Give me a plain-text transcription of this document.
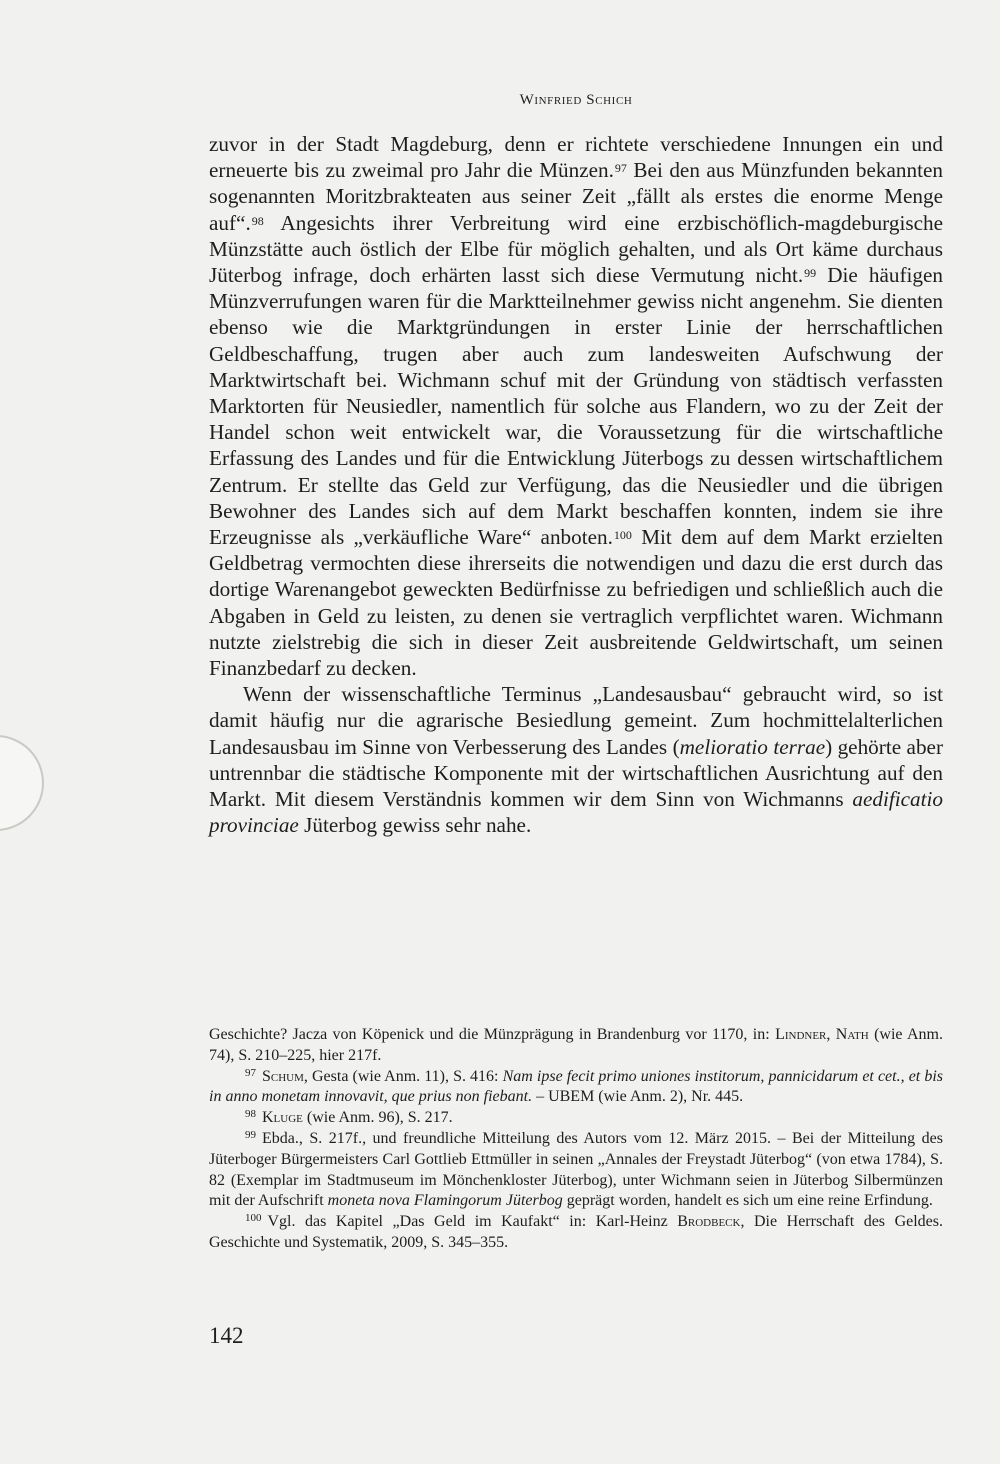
Winfried Schich

zuvor in der Stadt Magdeburg, denn er richtete verschiedene Innungen ein und erneuerte bis zu zweimal pro Jahr die Münzen.$^{97}$ Bei den aus Münzfunden bekannten sogenannten Moritzbrakteaten aus seiner Zeit „fällt als erstes die enorme Menge auf“.$^{98}$ Angesichts ihrer Verbreitung wird eine erzbischöflich-magdeburgische Münzstätte auch östlich der Elbe für möglich gehalten, und als Ort käme durchaus Jüterbog infrage, doch erhärten lasst sich diese Vermutung nicht.$^{99}$ Die häufigen Münzverrufungen waren für die Marktteilnehmer gewiss nicht angenehm. Sie dienten ebenso wie die Marktgründungen in erster Linie der herrschaftlichen Geldbeschaffung, trugen aber auch zum landesweiten Aufschwung der Marktwirtschaft bei. Wichmann schuf mit der Gründung von städtisch verfassten Marktorten für Neusiedler, namentlich für solche aus Flandern, wo zu der Zeit der Handel schon weit entwickelt war, die Voraussetzung für die wirtschaftliche Erfassung des Landes und für die Entwicklung Jüterbogs zu dessen wirtschaftlichem Zentrum. Er stellte das Geld zur Verfügung, das die Neusiedler und die übrigen Bewohner des Landes sich auf dem Markt beschaffen konnten, indem sie ihre Erzeugnisse als „verkäufliche Ware“ anboten.$^{100}$ Mit dem auf dem Markt erzielten Geldbetrag vermochten diese ihrerseits die notwendigen und dazu die erst durch das dortige Warenangebot geweckten Bedürfnisse zu befriedigen und schließlich auch die Abgaben in Geld zu leisten, zu denen sie vertraglich verpflichtet waren. Wichmann nutzte zielstrebig die sich in dieser Zeit ausbreitende Geldwirtschaft, um seinen Finanzbedarf zu decken.

Wenn der wissenschaftliche Terminus „Landesausbau“ gebraucht wird, so ist damit häufig nur die agrarische Besiedlung gemeint. Zum hochmittelalterlichen Landesausbau im Sinne von Verbesserung des Landes (melioratio terrae) gehörte aber untrennbar die städtische Komponente mit der wirtschaftlichen Ausrichtung auf den Markt. Mit diesem Verständnis kommen wir dem Sinn von Wichmanns aedificatio provinciae Jüterbog gewiss sehr nahe.

Geschichte? Jacza von Köpenick und die Münzprägung in Brandenburg vor 1170, in: Lindner, Nath (wie Anm. 74), S. 210–225, hier 217f.

$^{97}$ Schum, Gesta (wie Anm. 11), S. 416: Nam ipse fecit primo uniones institorum, pannicidarum et cet., et bis in anno monetam innovavit, que prius non fiebant. – UBEM (wie Anm. 2), Nr. 445.

$^{98}$ Kluge (wie Anm. 96), S. 217.

$^{99}$ Ebda., S. 217f., und freundliche Mitteilung des Autors vom 12. März 2015. – Bei der Mitteilung des Jüterboger Bürgermeisters Carl Gottlieb Ettmüller in seinen „Annales der Freystadt Jüterbog“ (von etwa 1784), S. 82 (Exemplar im Stadtmuseum im Mönchenkloster Jüterbog), unter Wichmann seien in Jüterbog Silbermünzen mit der Aufschrift moneta nova Flamingorum Jüterbog geprägt worden, handelt es sich um eine reine Erfindung.

$^{100}$ Vgl. das Kapitel „Das Geld im Kaufakt“ in: Karl-Heinz Brodbeck, Die Herrschaft des Geldes. Geschichte und Systematik, 2009, S. 345–355.

142
